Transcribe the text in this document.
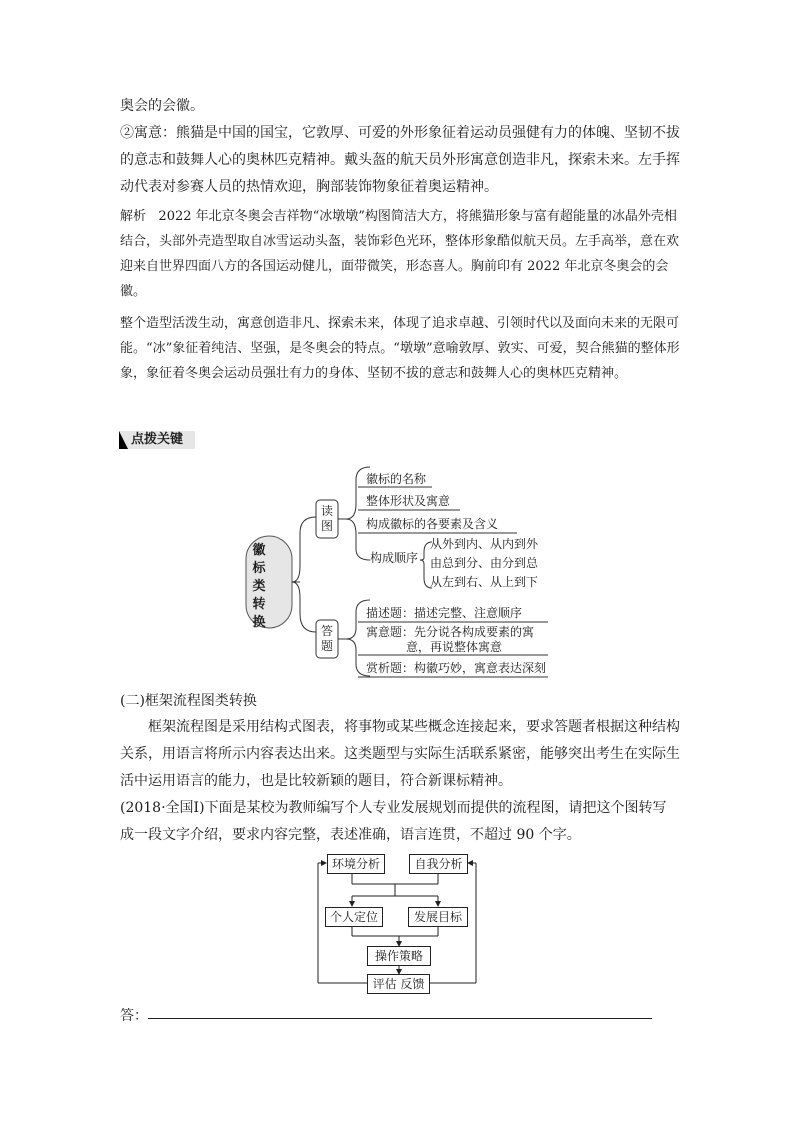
奥会的会徽。

②寓意：熊猫是中国的国宝，它敦厚、可爱的外形象征着运动员强健有力的体魄、坚韧不拔的意志和鼓舞人心的奥林匹克精神。戴头盔的航天员外形寓意创造非凡，探索未来。左手挥动代表对参赛人员的热情欢迎，胸部装饰物象征着奥运精神。

解析 2022 年北京冬奥会吉祥物“冰墩墩”构图简洁大方，将熊猫形象与富有超能量的冰晶外壳相结合，头部外壳造型取自冰雪运动头盔，装饰彩色光环，整体形象酷似航天员。左手高举，意在欢迎来自世界四面八方的各国运动健儿，面带微笑，形态喜人。胸前印有 2022 年北京冬奥会的会徽。

整个造型活泼生动，寓意创造非凡、探索未来，体现了追求卓越、引领时代以及面向未来的无限可能。“冰”象征着纯洁、坚强，是冬奥会的特点。“墩墩”意喻敦厚、敦实、可爱，契合熊猫的整体形象，象征着冬奥会运动员强壮有力的身体、坚韧不拔的意志和鼓舞人心的奥林匹克精神。

点拨关键
徽标类转换
读图
答题
徽标的名称
整体形状及寓意
构成徽标的各要素及含义
构成顺序
从外到内、从内到外
由总到分、由分到总
从左到右、从上到下
描述题：描述完整、注意顺序
寓意题：先分说各构成要素的寓
意，再说整体寓意
赏析题：构徽巧妙，寓意表达深刻

(二)框架流程图类转换

框架流程图是采用结构式图表，将事物或某些概念连接起来，要求答题者根据这种结构关系，用语言将所示内容表达出来。这类题型与实际生活联系紧密，能够突出考生在实际生活中运用语言的能力，也是比较新颖的题目，符合新课标精神。

(2018·全国Ⅰ)下面是某校为教师编写个人专业发展规划而提供的流程图，请把这个图转写成一段文字介绍，要求内容完整，表述准确，语言连贯，不超过 90 个字。

环境分析	自我分析
个人定位	发展目标
操作策略
评估 反馈
答：
